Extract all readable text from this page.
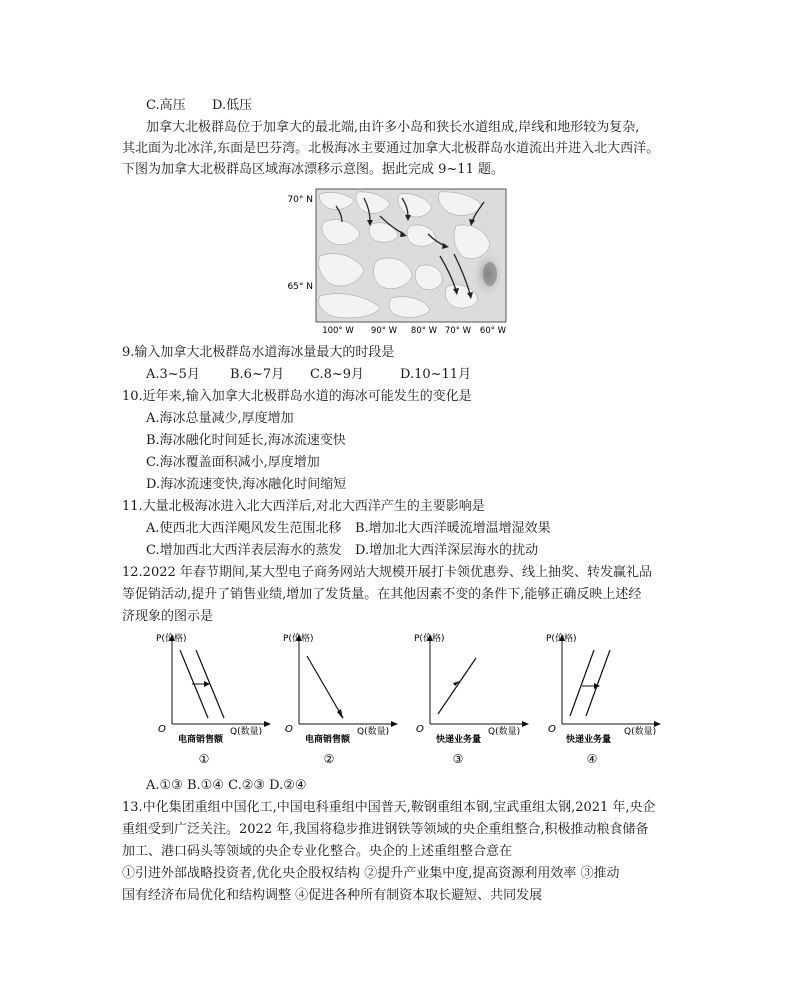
C.高压 D.低压
加拿大北极群岛位于加拿大的最北端,由许多小岛和狭长水道组成,岸线和地形较为复杂,
其北面为北冰洋,东面是巴芬湾。北极海冰主要通过加拿大北极群岛水道流出并进入北大西洋。
下图为加拿大北极群岛区域海冰漂移示意图。据此完成 9~11 题。
70° N
65° N
100° W 90° W 80° W 70° W 60° W
9.输入加拿大北极群岛水道海冰量最大的时段是
A.3~5月 B.6~7月 C.8~9月	D.10~11月
10.近年来,输入加拿大北极群岛水道的海冰可能发生的变化是
A.海冰总量减少,厚度增加
B.海冰融化时间延长,海冰流速变快
C.海冰覆盖面积减小,厚度增加
D.海冰流速变快,海冰融化时间缩短
11.大量北极海冰进入北大西洋后,对北大西洋产生的主要影响是
A.使西北大西洋飓风发生范围北移 B.增加北大西洋暖流增温增湿效果
C.增加西北大西洋表层海水的蒸发 D.增加北大西洋深层海水的扰动
12.2022 年春节期间,某大型电子商务网站大规模开展打卡领优惠券、线上抽奖、转发赢礼品
等促销活动,提升了销售业绩,增加了发货量。在其他因素不变的条件下,能够正确反映上述经
济现象的图示是
P(价格)
O	Q(数量)
电商销售额
①
P(价格)
O	Q(数量)
电商销售额
②
P(价格)
O	Q(数量)
快递业务量
③
P(价格)
O	Q(数量)
快递业务量
④
A.①③ B.①④ C.②③ D.②④
13.中化集团重组中国化工,中国电科重组中国普天,鞍钢重组本钢,宝武重组太钢,2021 年,央企
重组受到广泛关注。2022 年,我国将稳步推进钢铁等领域的央企重组整合,积极推动粮食储备
加工、港口码头等领域的央企专业化整合。央企的上述重组整合意在
①引进外部战略投资者,优化央企股权结构 ②提升产业集中度,提高资源利用效率 ③推动
国有经济布局优化和结构调整 ④促进各种所有制资本取长避短、共同发展
